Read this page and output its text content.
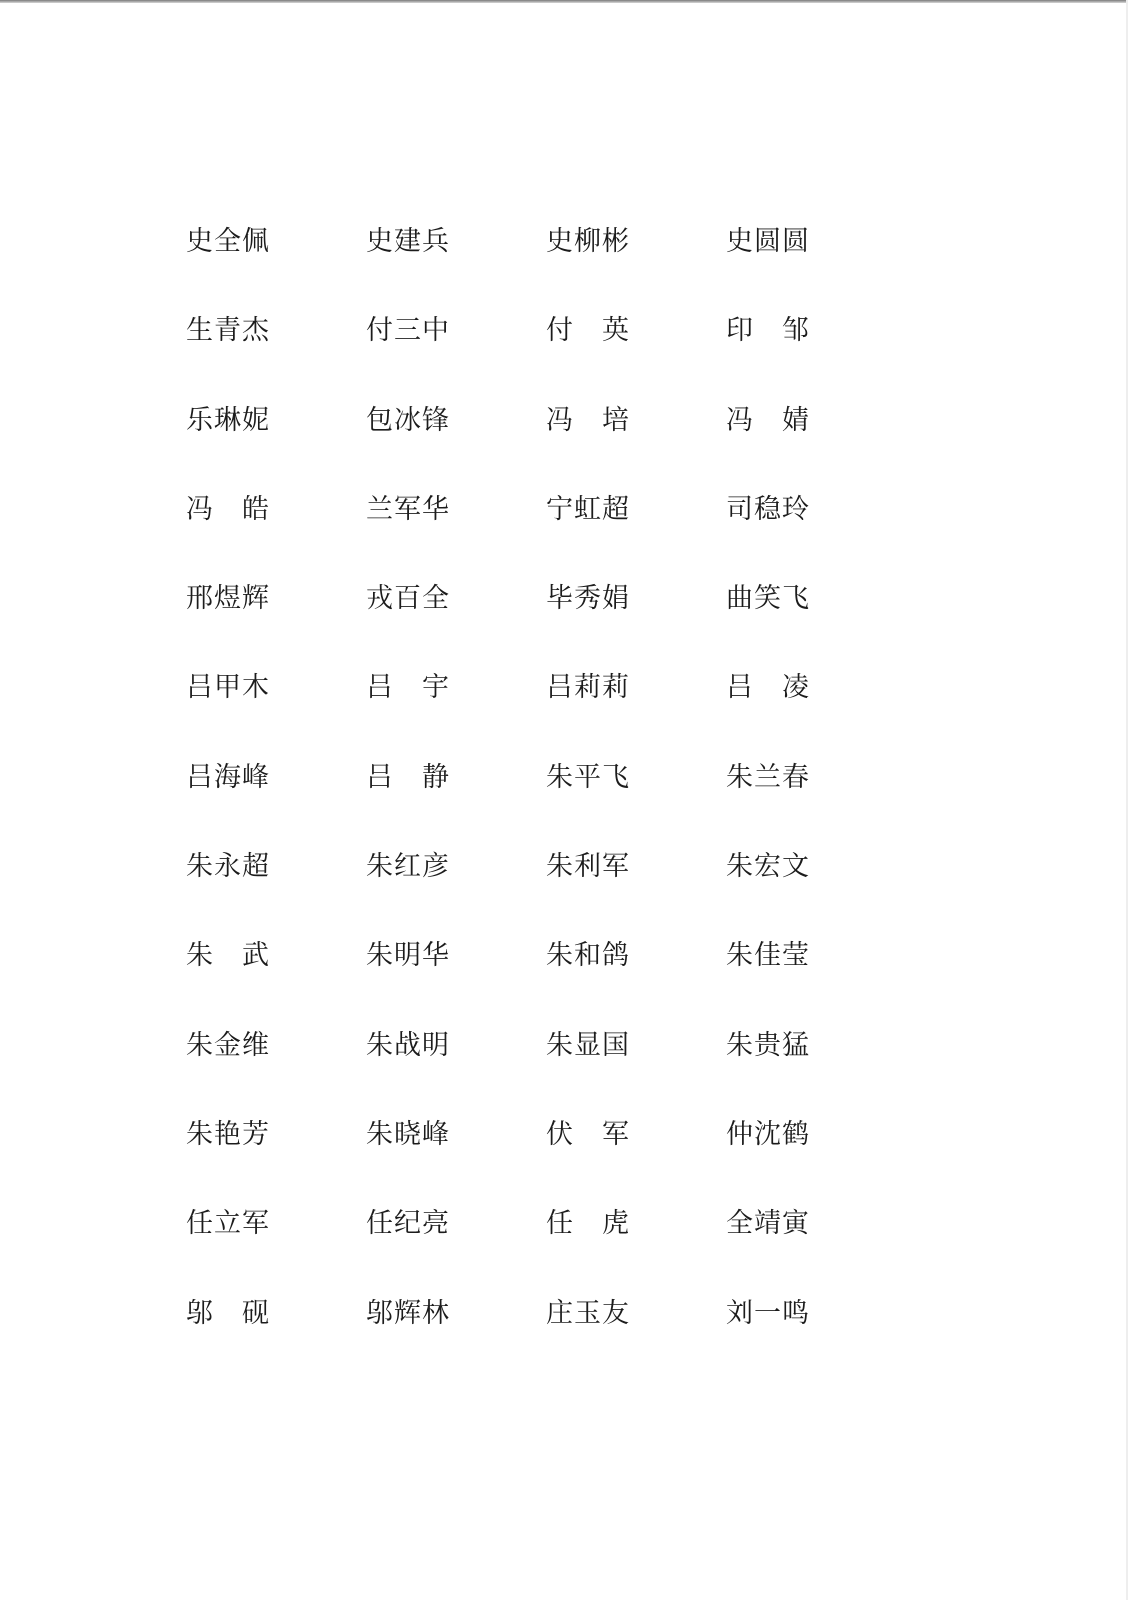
史全佩	史建兵	史柳彬	史圆圆
生青杰	付三中	付　英	印　邹
乐琳妮	包冰锋	冯　培	冯　婧
冯　皓	兰军华	宁虹超	司稳玲
邢煜辉	戎百全	毕秀娟	曲笑飞
吕甲木	吕　宇	吕莉莉	吕　凌
吕海峰	吕　静	朱平飞	朱兰春
朱永超	朱红彦	朱利军	朱宏文
朱　武	朱明华	朱和鸽	朱佳莹
朱金维	朱战明	朱显国	朱贵猛
朱艳芳	朱晓峰	伏　军	仲沈鹤
任立军	任纪亮	任　虎	全靖寅
邬　砚	邬辉林	庄玉友	刘一鸣
